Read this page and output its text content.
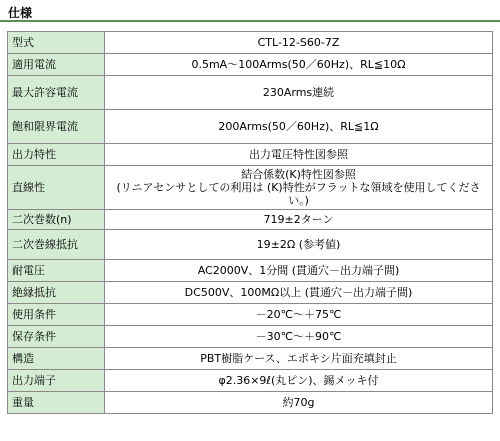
仕様
型式	CTL-12-S60-7Z
適用電流	0.5mA～100Arms(50／60Hz)、RL≦10Ω
最大許容電流	230Arms連続
飽和限界電流	200Arms(50／60Hz)、RL≦1Ω
出力特性	出力電圧特性図参照
直線性	結合係数(K)特性図参照
(リニアセンサとしての利用は (K)特性がフラットな領域を使用してください。)
二次巻数(n)	719±2ターン
二次巻線抵抗	19±2Ω (参考値)
耐電圧	AC2000V、1分間 (貫通穴－出力端子間)
絶縁抵抗	DC500V、100MΩ以上 (貫通穴－出力端子間)
使用条件	－20℃～＋75℃
保存条件	－30℃～＋90℃
構造	PBT樹脂ケース、エポキシ片面充填封止
出力端子	φ2.36×9ℓ(丸ピン)、錫メッキ付
重量	約70g
